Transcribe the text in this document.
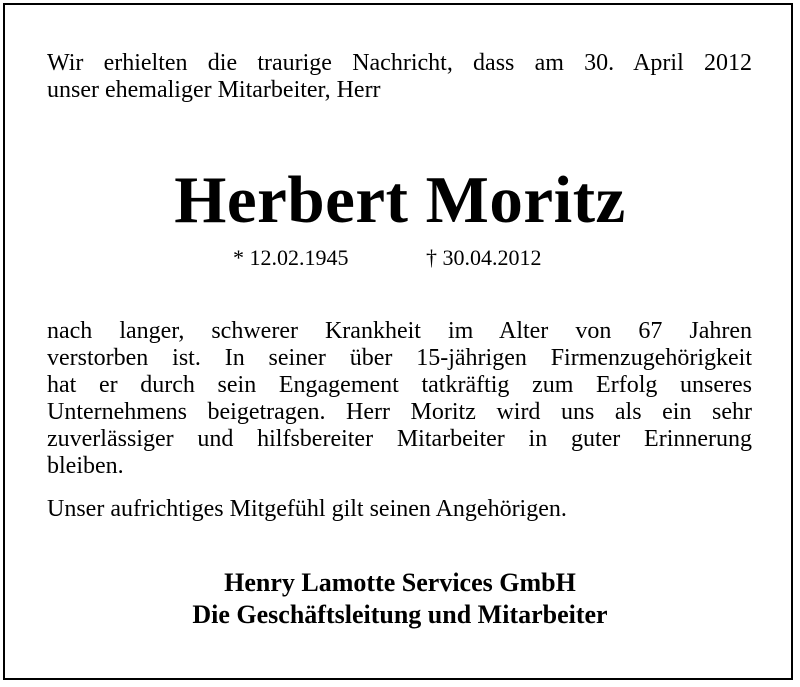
Wir erhielten die traurige Nachricht, dass am 30. April 2012
unser ehemaliger Mitarbeiter, Herr
Herbert Moritz
* 12.02.1945	† 30.04.2012
nach langer, schwerer Krankheit im Alter von 67 Jahren
verstorben ist. In seiner über 15-jährigen Firmenzugehörigkeit
hat er durch sein Engagement tatkräftig zum Erfolg unseres
Unternehmens beigetragen. Herr Moritz wird uns als ein sehr
zuverlässiger und hilfsbereiter Mitarbeiter in guter Erinnerung
bleiben.
Unser aufrichtiges Mitgefühl gilt seinen Angehörigen.
Henry Lamotte Services GmbH
Die Geschäftsleitung und Mitarbeiter
